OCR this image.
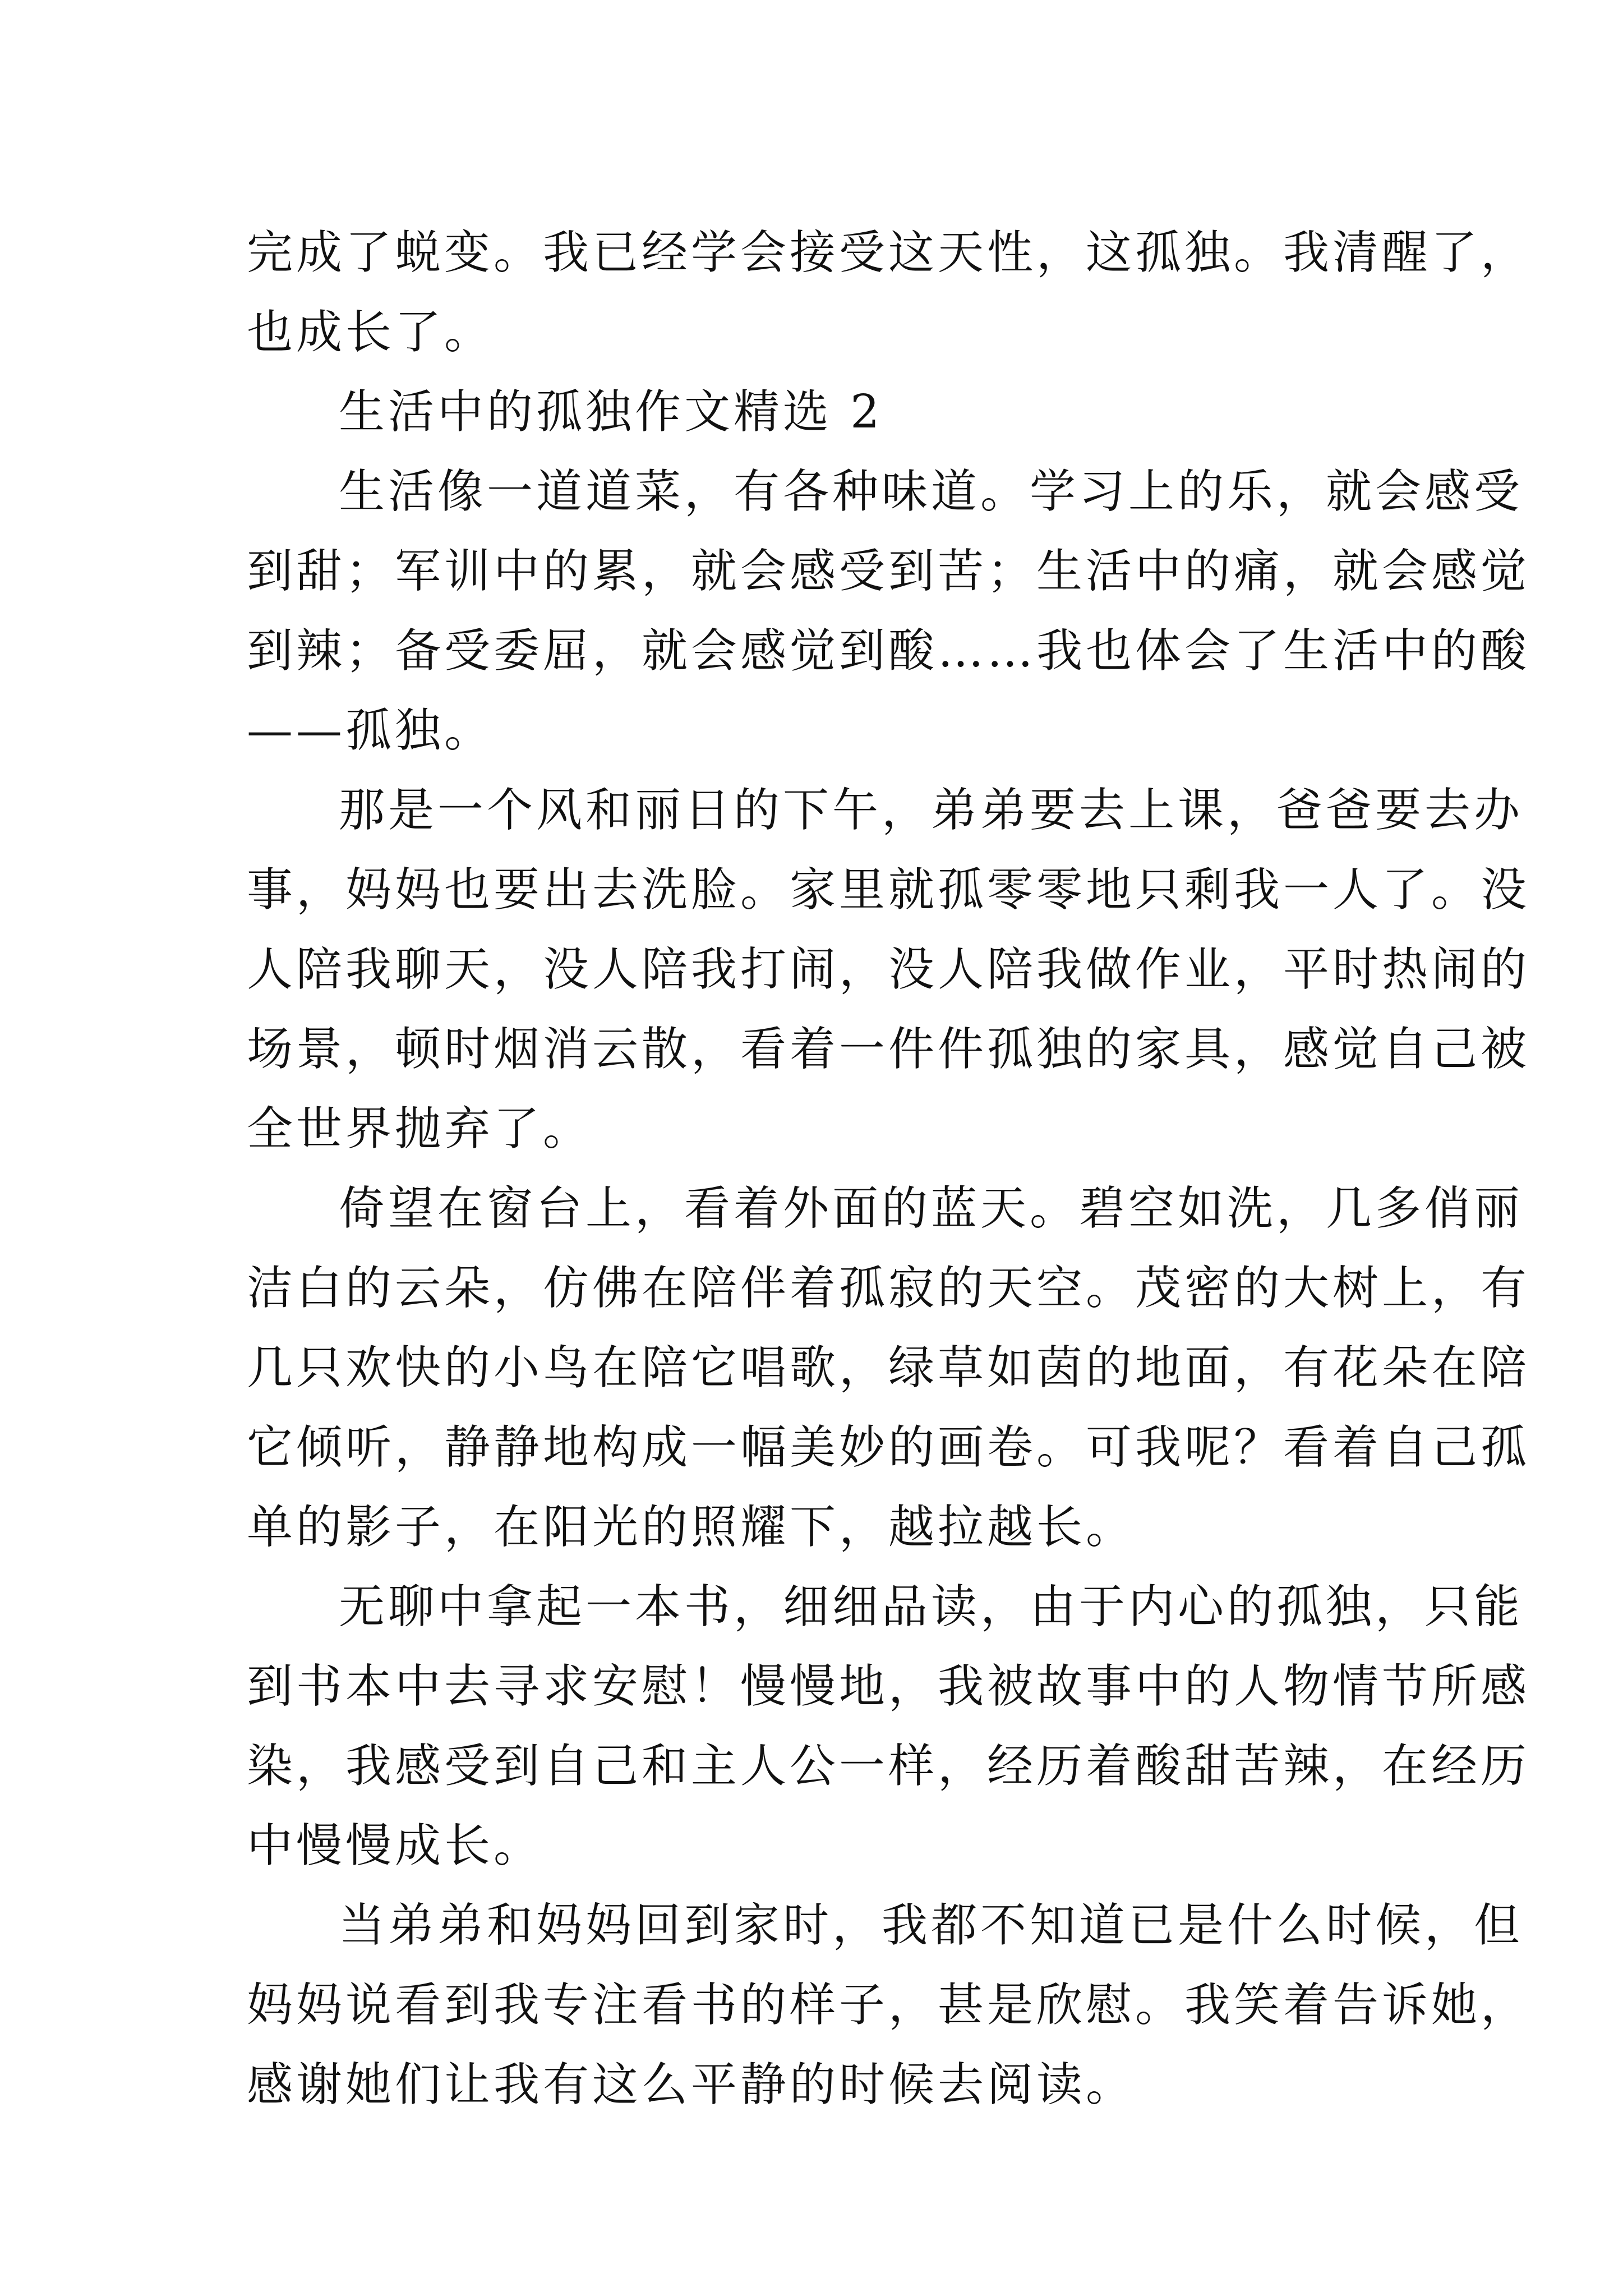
完成了蜕变。我已经学会接受这天性，这孤独。我清醒了，
也成长了。
生活中的孤独作文精选 2
生活像一道道菜，有各种味道。学习上的乐，就会感受
到甜；军训中的累，就会感受到苦；生活中的痛，就会感觉
到辣；备受委屈，就会感觉到酸……我也体会了生活中的酸
——孤独。
那是一个风和丽日的下午，弟弟要去上课，爸爸要去办
事，妈妈也要出去洗脸。家里就孤零零地只剩我一人了。没
人陪我聊天，没人陪我打闹，没人陪我做作业，平时热闹的
场景，顿时烟消云散，看着一件件孤独的家具，感觉自己被
全世界抛弃了。
倚望在窗台上，看着外面的蓝天。碧空如洗，几多俏丽
洁白的云朵，仿佛在陪伴着孤寂的天空。茂密的大树上，有
几只欢快的小鸟在陪它唱歌，绿草如茵的地面，有花朵在陪
它倾听，静静地构成一幅美妙的画卷。可我呢？看着自己孤
单的影子，在阳光的照耀下，越拉越长。
无聊中拿起一本书，细细品读，由于内心的孤独，只能
到书本中去寻求安慰！慢慢地，我被故事中的人物情节所感
染，我感受到自己和主人公一样，经历着酸甜苦辣，在经历
中慢慢成长。
当弟弟和妈妈回到家时，我都不知道已是什么时候，但
妈妈说看到我专注看书的样子，甚是欣慰。我笑着告诉她，
感谢她们让我有这么平静的时候去阅读。
